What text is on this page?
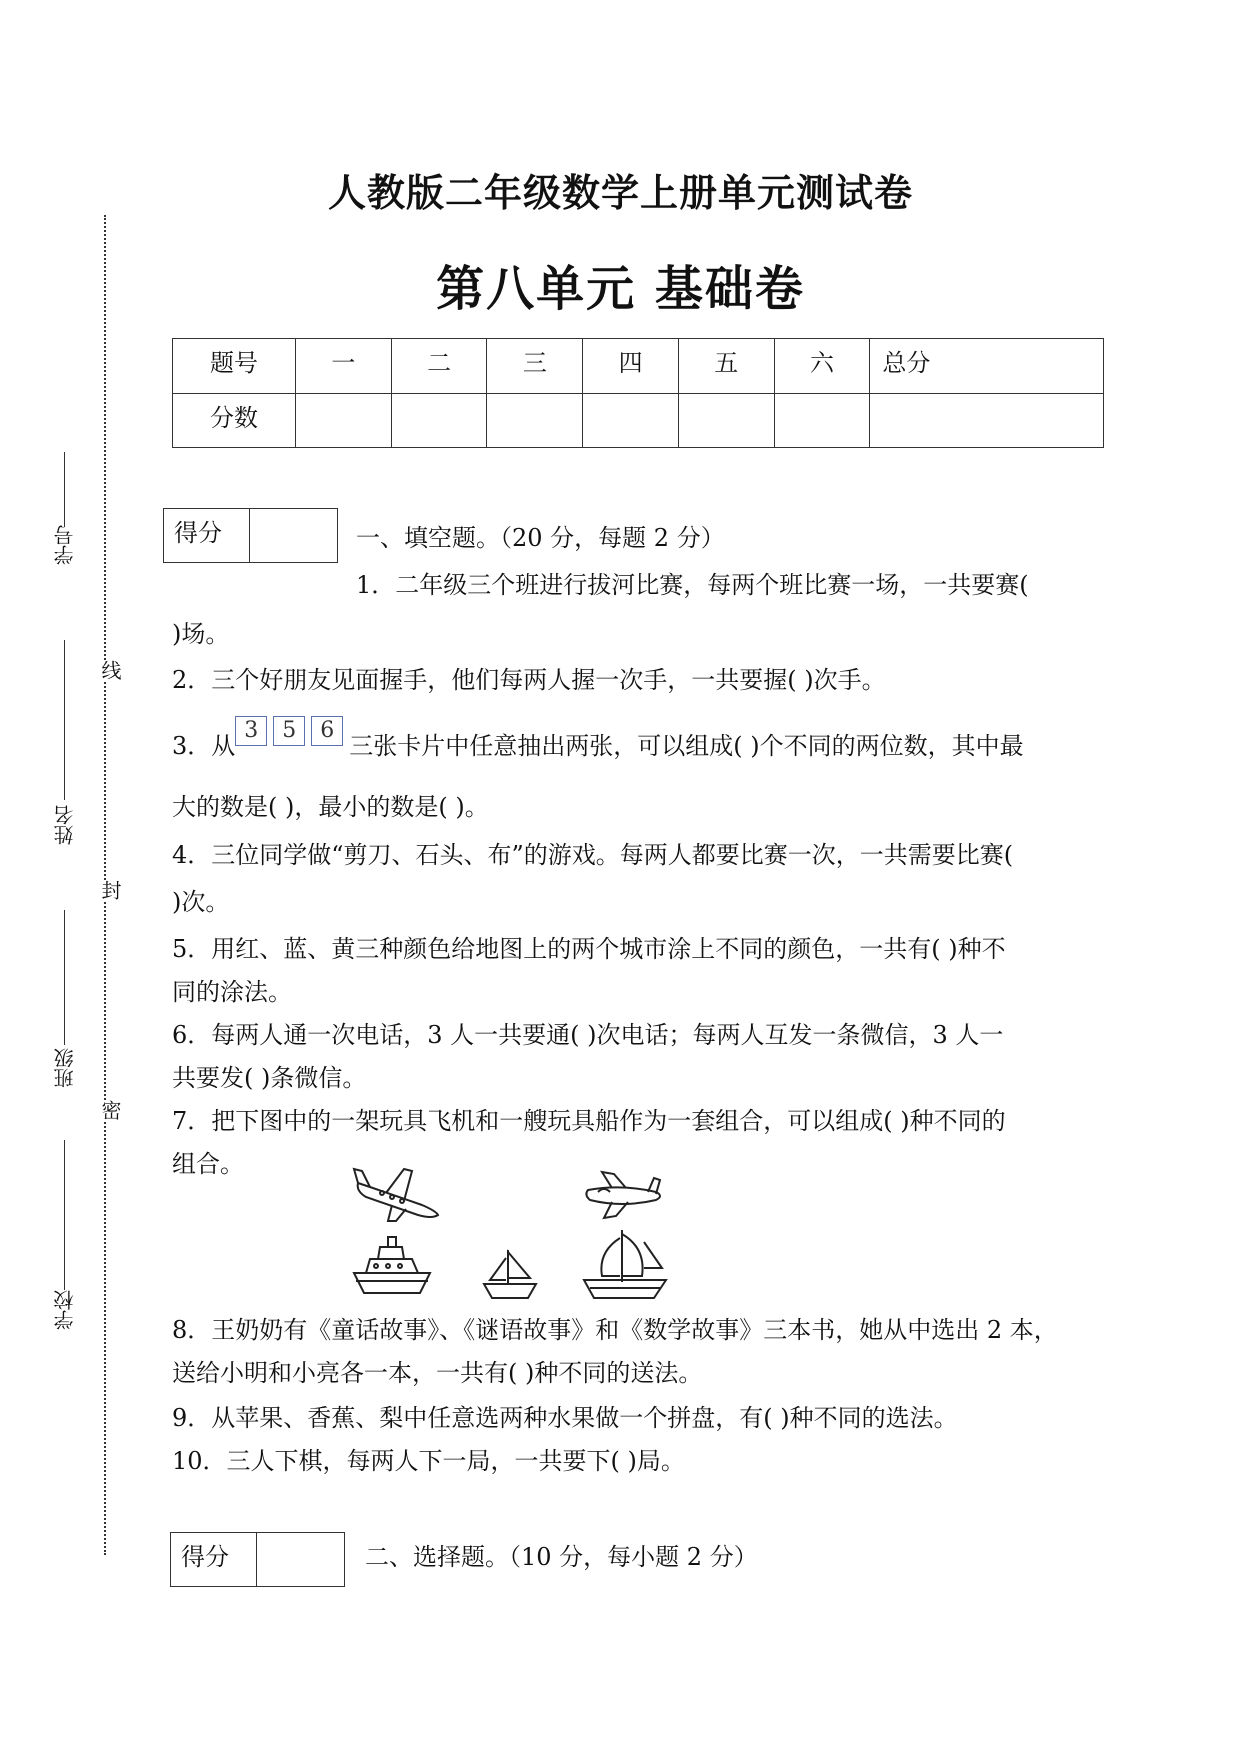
学号
姓名
班级
学校
线
封
密
人教版二年级数学上册单元测试卷
第八单元 基础卷
题号	一	二	三	四	五	六	总分
分数							
得分	一、填空题。（20 分，每题 2 分）
1．二年级三个班进行拔河比赛，每两个班比赛一场，一共要赛(
)场。
2．三个好朋友见面握手，他们每两人握一次手，一共要握( )次手。
3．从3 5 6三张卡片中任意抽出两张，可以组成( )个不同的两位数，其中最
大的数是( )，最小的数是( )。
4．三位同学做“剪刀、石头、布”的游戏。每两人都要比赛一次，一共需要比赛(
)次。
5．用红、蓝、黄三种颜色给地图上的两个城市涂上不同的颜色，一共有( )种不
同的涂法。
6．每两人通一次电话，3 人一共要通( )次电话；每两人互发一条微信，3 人一
共要发( )条微信。
7．把下图中的一架玩具飞机和一艘玩具船作为一套组合，可以组成( )种不同的
组合。
8．王奶奶有《童话故事》、《谜语故事》和《数学故事》三本书，她从中选出 2 本，
送给小明和小亮各一本，一共有( )种不同的送法。
9．从苹果、香蕉、梨中任意选两种水果做一个拼盘，有( )种不同的选法。
10．三人下棋，每两人下一局，一共要下( )局。
得分	二、选择题。（10 分，每小题 2 分）
